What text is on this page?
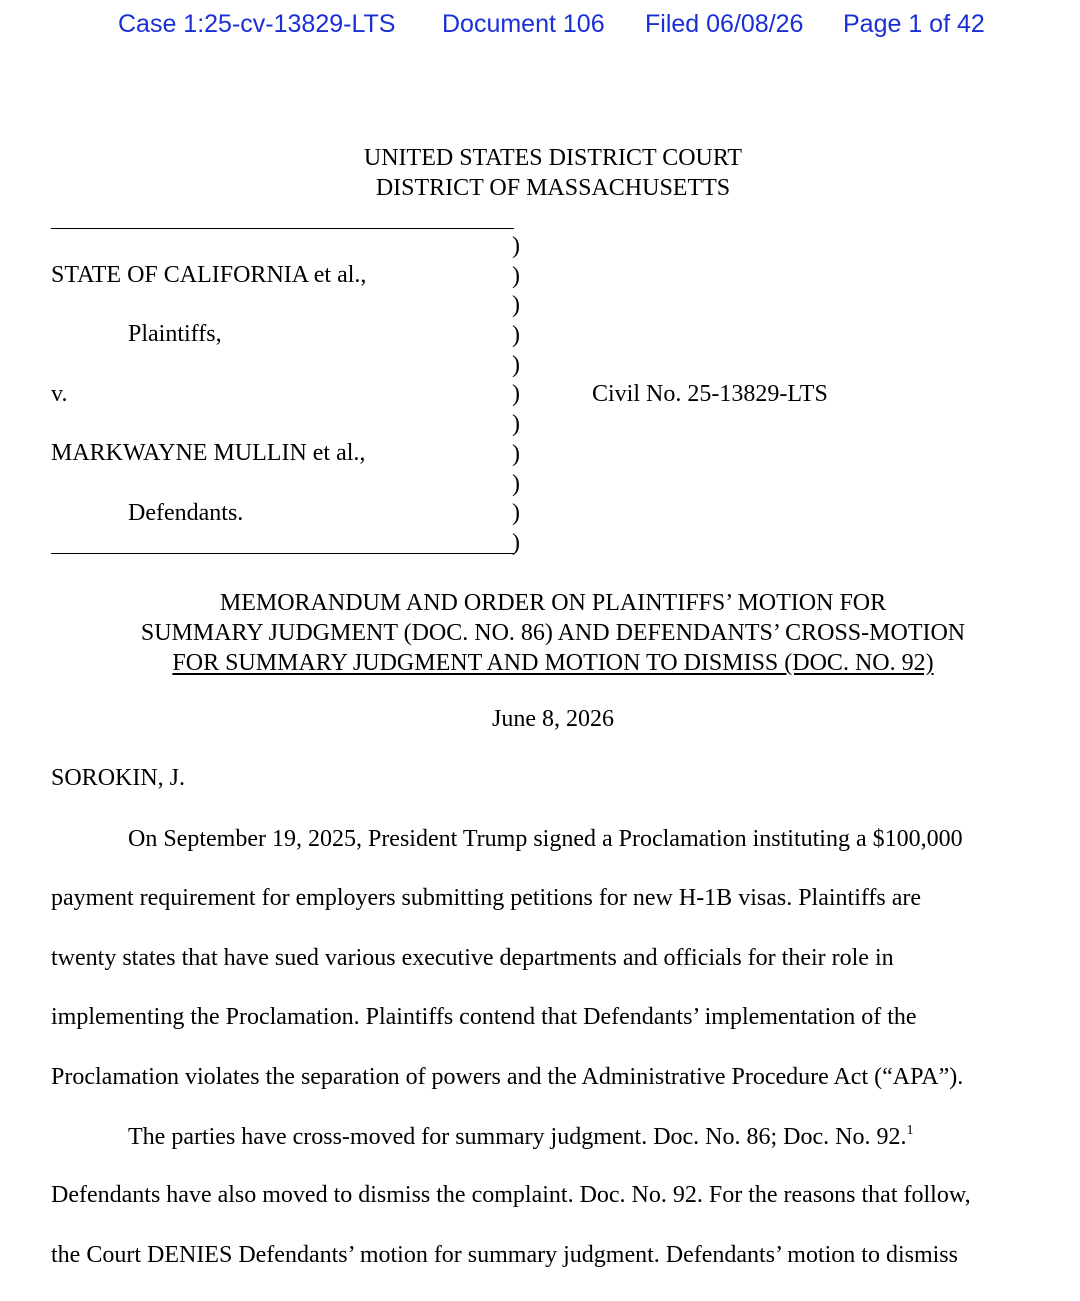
Case 1:25-cv-13829-LTS Document 106 Filed 06/08/26 Page 1 of 42
UNITED STATES DISTRICT COURT
DISTRICT OF MASSACHUSETTS
)
)
)
)
)
)
)
)
)
)
)
STATE OF CALIFORNIA et al.,
Plaintiffs,
v.	Civil No. 25-13829-LTS
MARKWAYNE MULLIN et al.,
Defendants.
MEMORANDUM AND ORDER ON PLAINTIFFS’ MOTION FOR
SUMMARY JUDGMENT (DOC. NO. 86) AND DEFENDANTS’ CROSS-MOTION
FOR SUMMARY JUDGMENT AND MOTION TO DISMISS (DOC. NO. 92)
June 8, 2026
SOROKIN, J.
On September 19, 2025, President Trump signed a Proclamation instituting a $100,000
payment requirement for employers submitting petitions for new H-1B visas. Plaintiffs are
twenty states that have sued various executive departments and officials for their role in
implementing the Proclamation. Plaintiffs contend that Defendants’ implementation of the
Proclamation violates the separation of powers and the Administrative Procedure Act (“APA”).
The parties have cross-moved for summary judgment. Doc. No. 86; Doc. No. 92.$^1$
Defendants have also moved to dismiss the complaint. Doc. No. 92. For the reasons that follow,
the Court DENIES Defendants’ motion for summary judgment. Defendants’ motion to dismiss
